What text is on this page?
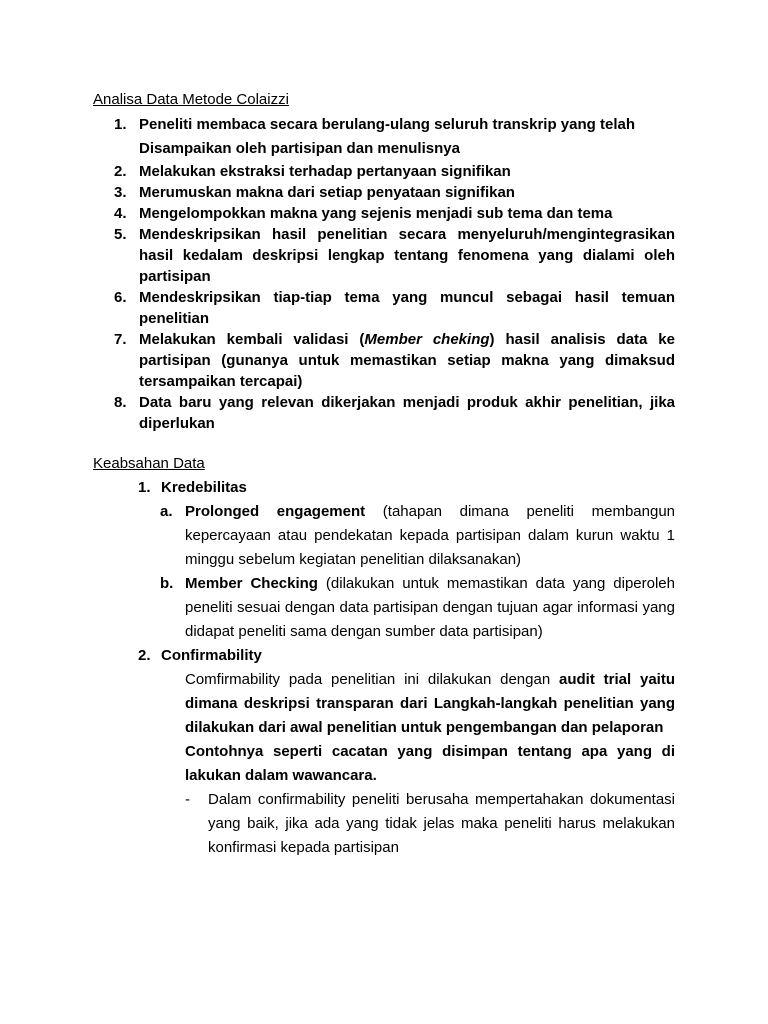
Analisa Data Metode Colaizzi
1. Peneliti membaca secara berulang-ulang seluruh transkrip yang telah
Disampaikan oleh partisipan dan menulisnya
2. Melakukan ekstraksi terhadap pertanyaan signifikan
3. Merumuskan makna dari setiap penyataan signifikan
4. Mengelompokkan makna yang sejenis menjadi sub tema dan tema
5. Mendeskripsikan hasil penelitian secara menyeluruh/mengintegrasikan hasil kedalam deskripsi lengkap tentang fenomena yang dialami oleh partisipan
6. Mendeskripsikan tiap-tiap tema yang muncul sebagai hasil temuan penelitian
7. Melakukan kembali validasi (Member cheking) hasil analisis data ke partisipan (gunanya untuk memastikan setiap makna yang dimaksud tersampaikan tercapai)
8. Data baru yang relevan dikerjakan menjadi produk akhir penelitian, jika diperlukan
Keabsahan Data
1. Kredebilitas
a. Prolonged engagement (tahapan dimana peneliti membangun kepercayaan atau pendekatan kepada partisipan dalam kurun waktu 1 minggu sebelum kegiatan penelitian dilaksanakan)
b. Member Checking (dilakukan untuk memastikan data yang diperoleh peneliti sesuai dengan data partisipan dengan tujuan agar informasi yang didapat peneliti sama dengan sumber data partisipan)
2. Confirmability
Comfirmability pada penelitian ini dilakukan dengan audit trial yaitu dimana deskripsi transparan dari Langkah-langkah penelitian yang dilakukan dari awal penelitian untuk pengembangan dan pelaporan
Contohnya seperti cacatan yang disimpan tentang apa yang di lakukan dalam wawancara.
- Dalam confirmability peneliti berusaha mempertahakan dokumentasi yang baik, jika ada yang tidak jelas maka peneliti harus melakukan konfirmasi kepada partisipan
